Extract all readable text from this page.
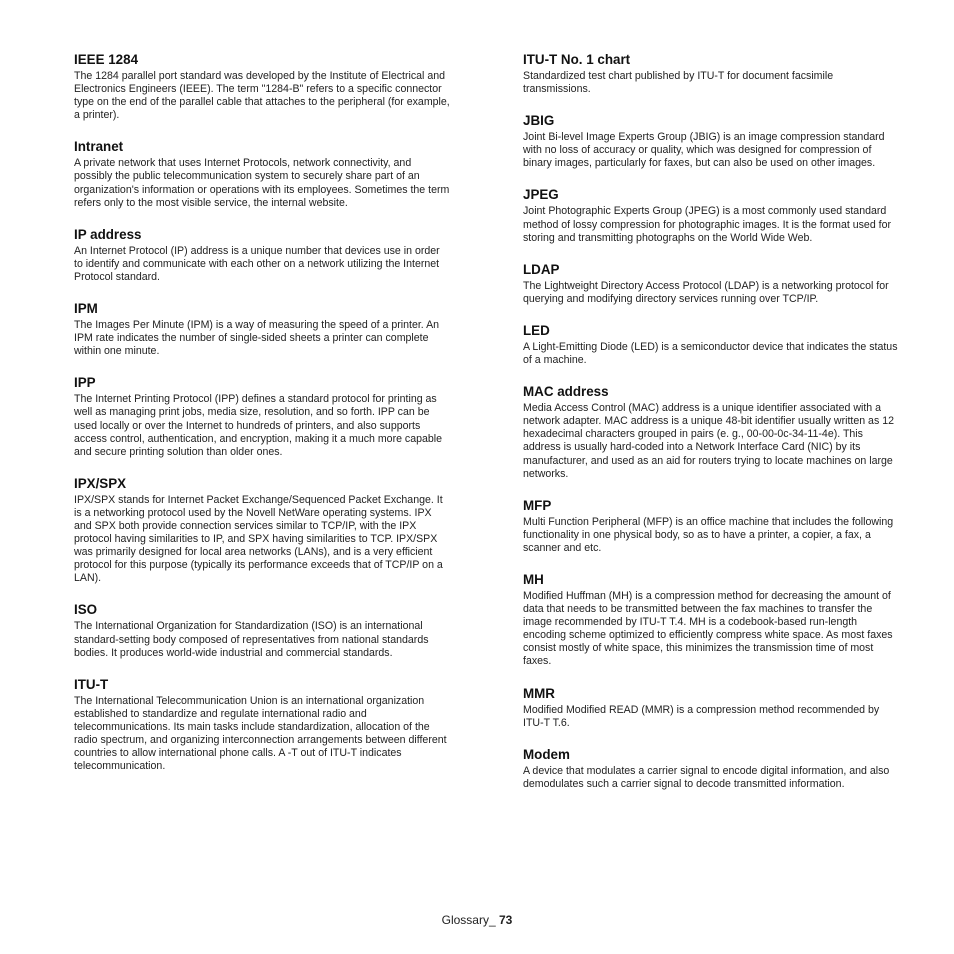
IEEE 1284

The 1284 parallel port standard was developed by the Institute of Electrical and Electronics Engineers (IEEE). The term "1284-B" refers to a specific connector type on the end of the parallel cable that attaches to the peripheral (for example, a printer).

Intranet

A private network that uses Internet Protocols, network connectivity, and possibly the public telecommunication system to securely share part of an organization's information or operations with its employees. Sometimes the term refers only to the most visible service, the internal website.

IP address

An Internet Protocol (IP) address is a unique number that devices use in order to identify and communicate with each other on a network utilizing the Internet Protocol standard.

IPM

The Images Per Minute (IPM) is a way of measuring the speed of a printer. An IPM rate indicates the number of single-sided sheets a printer can complete within one minute.

IPP

The Internet Printing Protocol (IPP) defines a standard protocol for printing as well as managing print jobs, media size, resolution, and so forth. IPP can be used locally or over the Internet to hundreds of printers, and also supports access control, authentication, and encryption, making it a much more capable and secure printing solution than older ones.

IPX/SPX

IPX/SPX stands for Internet Packet Exchange/Sequenced Packet Exchange. It is a networking protocol used by the Novell NetWare operating systems. IPX and SPX both provide connection services similar to TCP/IP, with the IPX protocol having similarities to IP, and SPX having similarities to TCP. IPX/SPX was primarily designed for local area networks (LANs), and is a very efficient protocol for this purpose (typically its performance exceeds that of TCP/IP on a LAN).

ISO

The International Organization for Standardization (ISO) is an international standard-setting body composed of representatives from national standards bodies. It produces world-wide industrial and commercial standards.

ITU-T

The International Telecommunication Union is an international organization established to standardize and regulate international radio and telecommunications. Its main tasks include standardization, allocation of the radio spectrum, and organizing interconnection arrangements between different countries to allow international phone calls. A -T out of ITU-T indicates telecommunication.

ITU-T No. 1 chart

Standardized test chart published by ITU-T for document facsimile transmissions.

JBIG

Joint Bi-level Image Experts Group (JBIG) is an image compression standard with no loss of accuracy or quality, which was designed for compression of binary images, particularly for faxes, but can also be used on other images.

JPEG

Joint Photographic Experts Group (JPEG) is a most commonly used standard method of lossy compression for photographic images. It is the format used for storing and transmitting photographs on the World Wide Web.

LDAP

The Lightweight Directory Access Protocol (LDAP) is a networking protocol for querying and modifying directory services running over TCP/IP.

LED

A Light-Emitting Diode (LED) is a semiconductor device that indicates the status of a machine.

MAC address

Media Access Control (MAC) address is a unique identifier associated with a network adapter. MAC address is a unique 48-bit identifier usually written as 12 hexadecimal characters grouped in pairs (e. g., 00-00-0c-34-11-4e). This address is usually hard-coded into a Network Interface Card (NIC) by its manufacturer, and used as an aid for routers trying to locate machines on large networks.

MFP

Multi Function Peripheral (MFP) is an office machine that includes the following functionality in one physical body, so as to have a printer, a copier, a fax, a scanner and etc.

MH

Modified Huffman (MH) is a compression method for decreasing the amount of data that needs to be transmitted between the fax machines to transfer the image recommended by ITU-T T.4. MH is a codebook-based run-length encoding scheme optimized to efficiently compress white space. As most faxes consist mostly of white space, this minimizes the transmission time of most faxes.

MMR

Modified Modified READ (MMR) is a compression method recommended by ITU-T T.6.

Modem

A device that modulates a carrier signal to encode digital information, and also demodulates such a carrier signal to decode transmitted information.

Glossary_ 73
